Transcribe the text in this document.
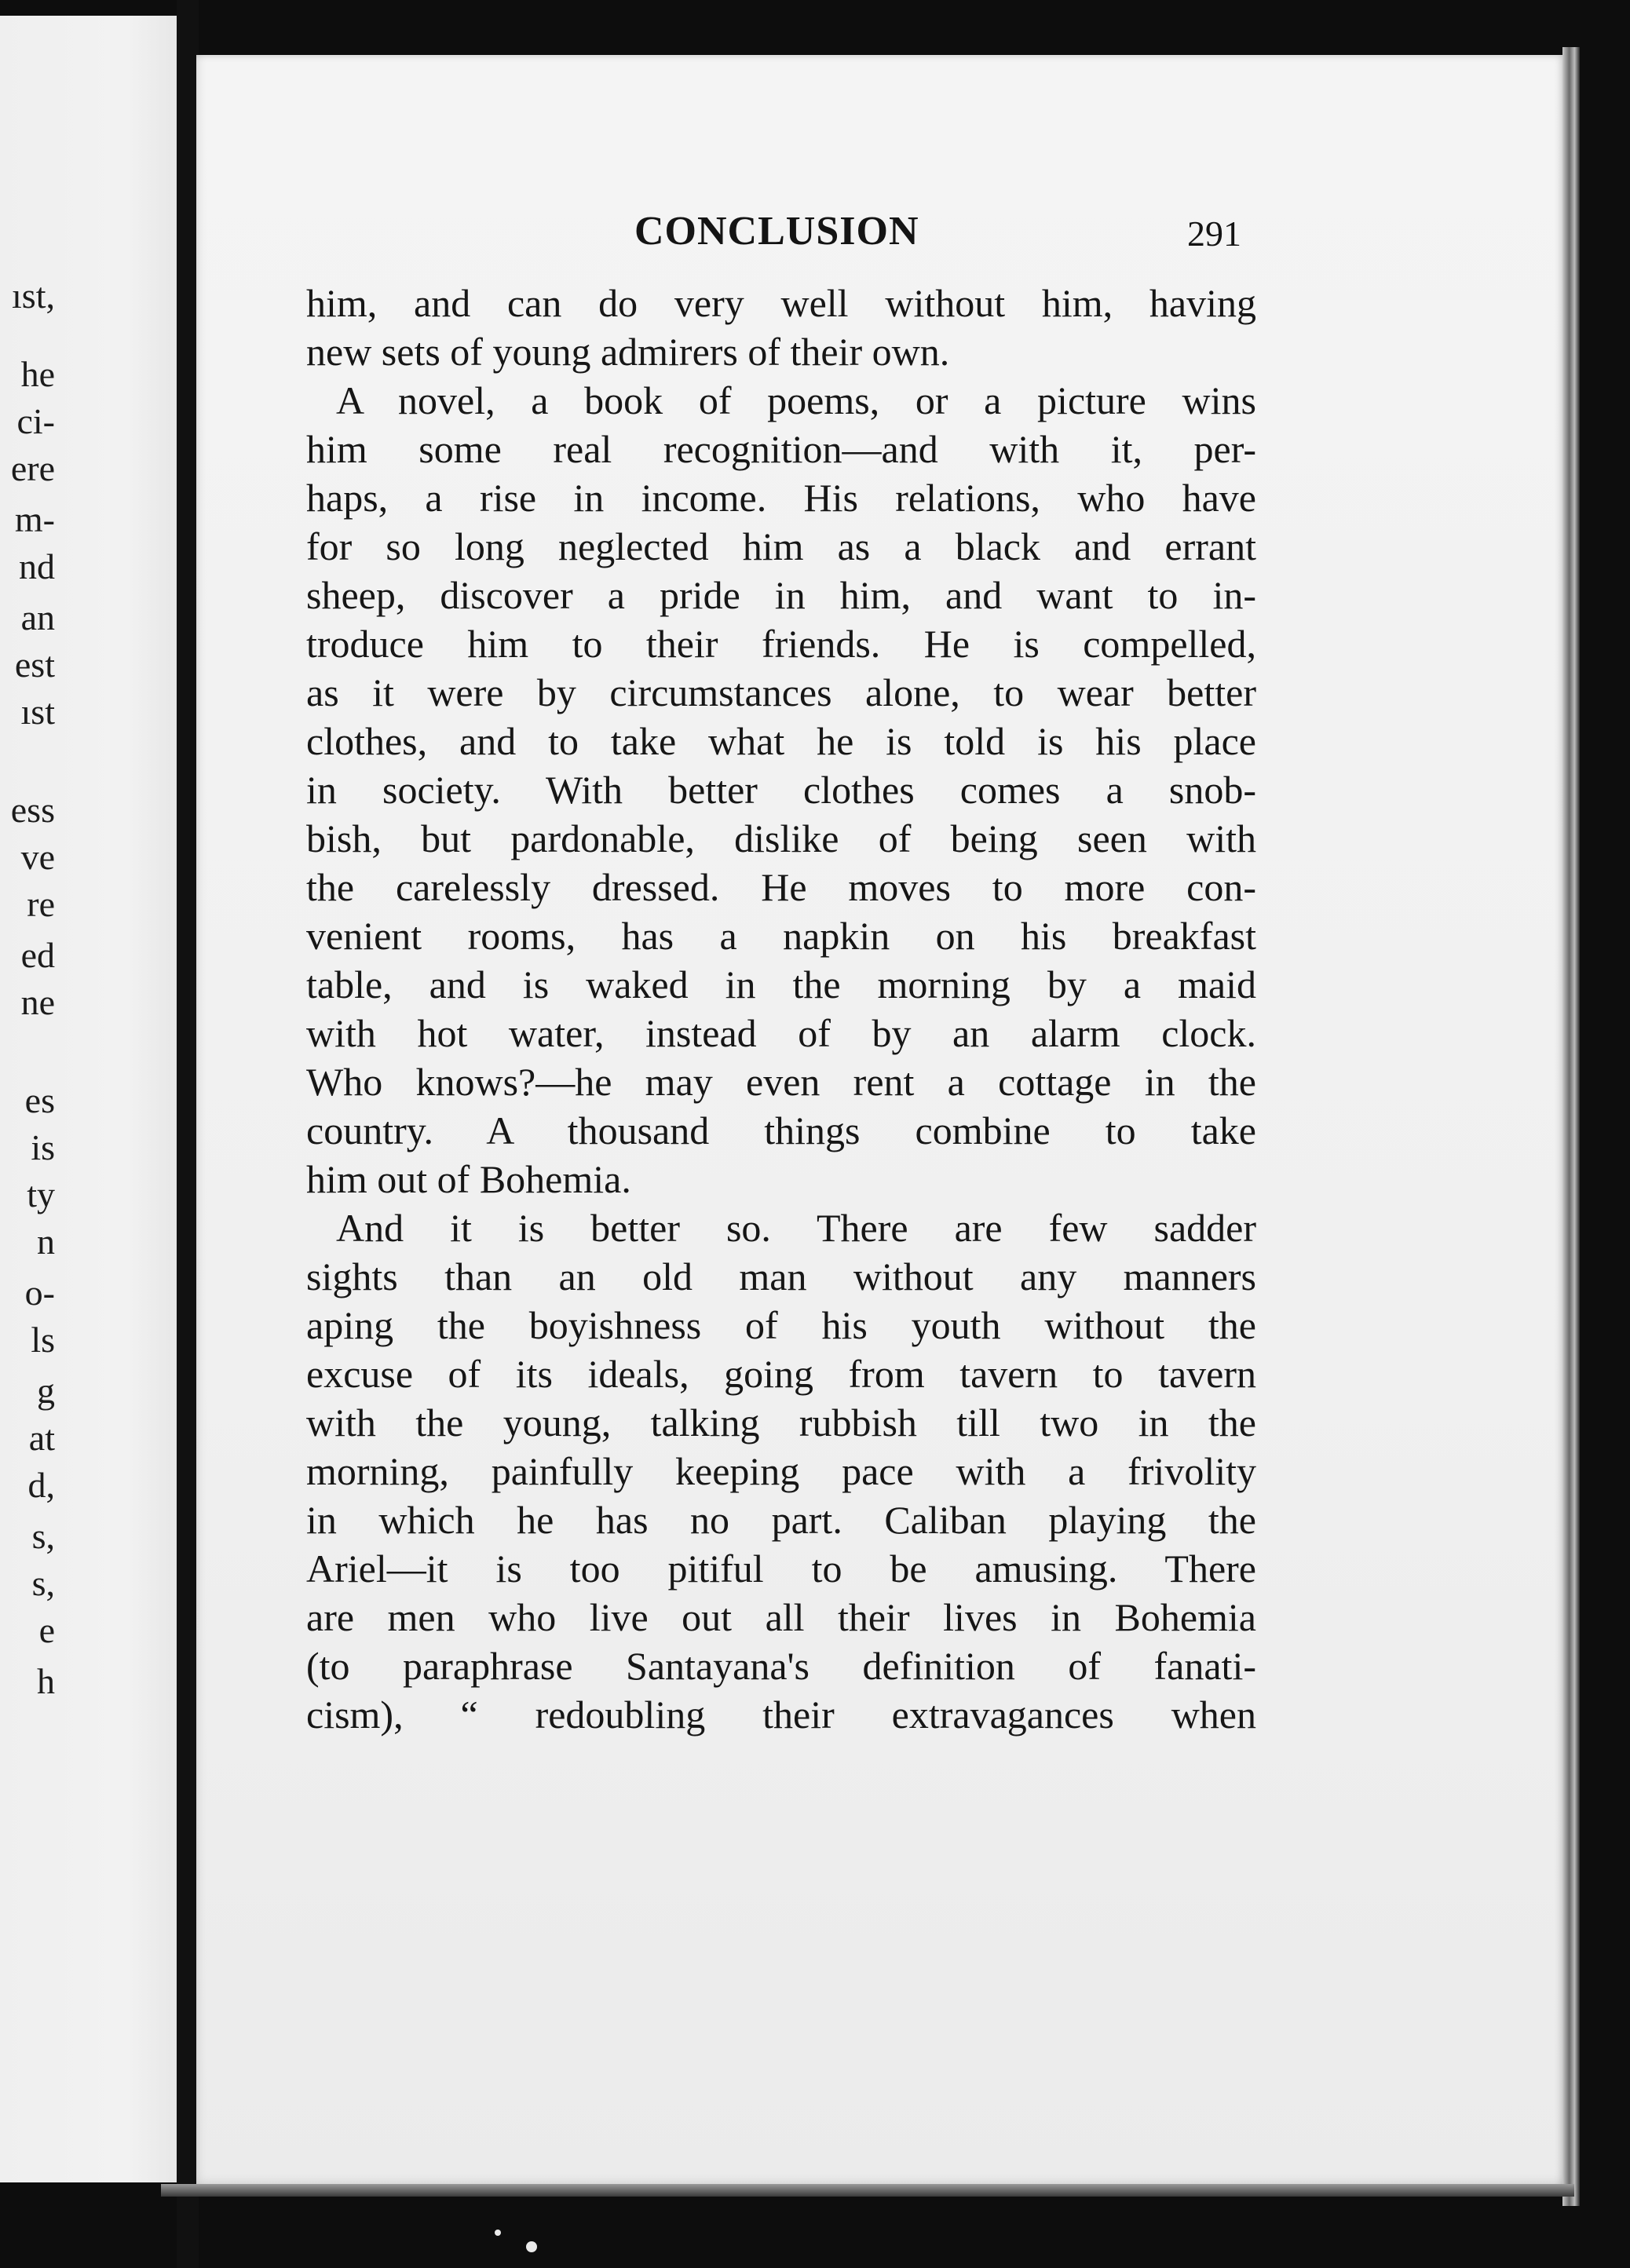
ıst,
he
ci-
ere
m-
nd
an
est
ıst
ess
ve
re
ed
ne
es
is
ty
n
o-
ls
g
at
d,
s,
s,
e
h
CONCLUSION	291
him, and can do very well without him, having
new sets of young admirers of their own.
A novel, a book of poems, or a picture wins
him some real recognition—and with it, per-
haps, a rise in income. His relations, who have
for so long neglected him as a black and errant
sheep, discover a pride in him, and want to in-
troduce him to their friends. He is compelled,
as it were by circumstances alone, to wear better
clothes, and to take what he is told is his place
in society. With better clothes comes a snob-
bish, but pardonable, dislike of being seen with
the carelessly dressed. He moves to more con-
venient rooms, has a napkin on his breakfast
table, and is waked in the morning by a maid
with hot water, instead of by an alarm clock.
Who knows?—he may even rent a cottage in the
country. A thousand things combine to take
him out of Bohemia.
And it is better so. There are few sadder
sights than an old man without any manners
aping the boyishness of his youth without the
excuse of its ideals, going from tavern to tavern
with the young, talking rubbish till two in the
morning, painfully keeping pace with a frivolity
in which he has no part. Caliban playing the
Ariel—it is too pitiful to be amusing. There
are men who live out all their lives in Bohemia
(to paraphrase Santayana's definition of fanati-
cism), “ redoubling their extravagances when
